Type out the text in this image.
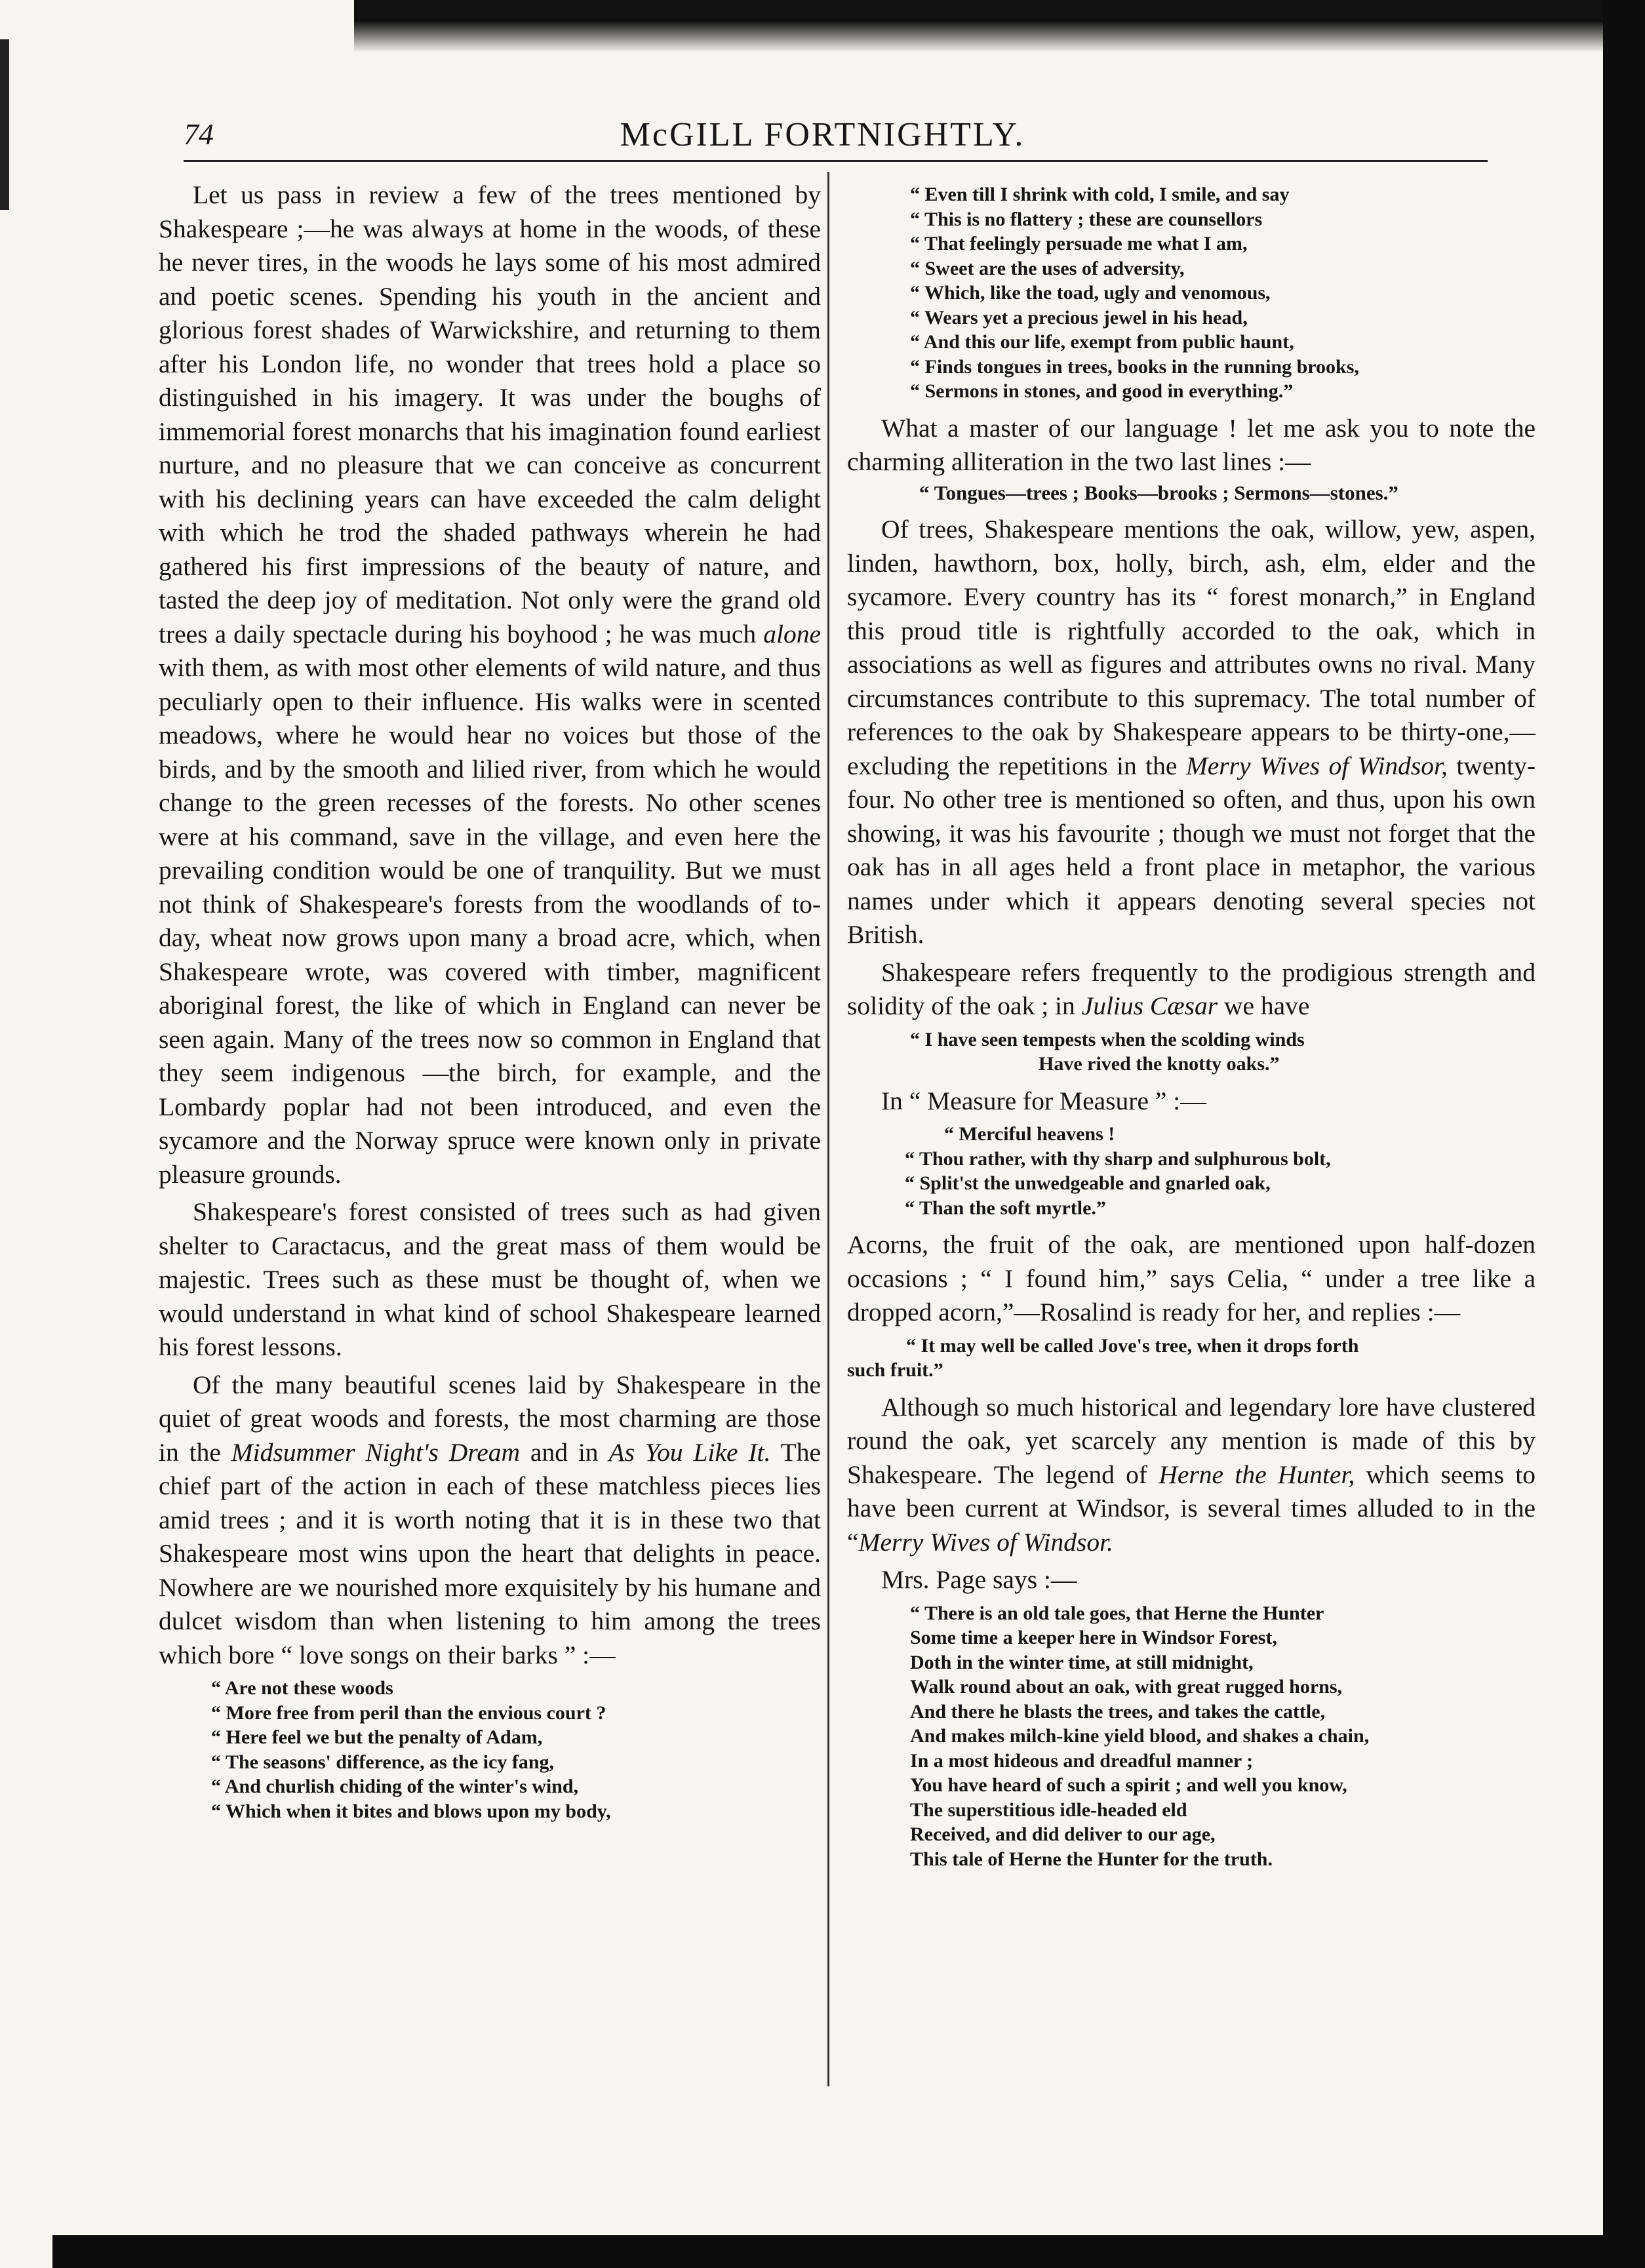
74	McGILL FORTNIGHTLY.

Let us pass in review a few of the trees mentioned by Shakespeare ;—he was always at home in the woods, of these he never tires, in the woods he lays some of his most admired and poetic scenes. Spending his youth in the ancient and glorious forest shades of Warwickshire, and returning to them after his London life, no wonder that trees hold a place so distinguished in his imagery. It was under the boughs of immemorial forest monarchs that his imagination found earliest nurture, and no pleasure that we can conceive as concurrent with his declining years can have exceeded the calm delight with which he trod the shaded pathways wherein he had gathered his first impressions of the beauty of nature, and tasted the deep joy of meditation. Not only were the grand old trees a daily spectacle during his boyhood ; he was much alone with them, as with most other elements of wild nature, and thus peculiarly open to their influence. His walks were in scented meadows, where he would hear no voices but those of the birds, and by the smooth and lilied river, from which he would change to the green recesses of the forests. No other scenes were at his command, save in the village, and even here the prevailing condition would be one of tranquility. But we must not think of Shakespeare's forests from the woodlands of to-day, wheat now grows upon many a broad acre, which, when Shakespeare wrote, was covered with timber, magnificent aboriginal forest, the like of which in England can never be seen again. Many of the trees now so common in England that they seem indigenous —the birch, for example, and the Lombardy poplar had not been introduced, and even the sycamore and the Norway spruce were known only in private pleasure grounds.

Shakespeare's forest consisted of trees such as had given shelter to Caractacus, and the great mass of them would be majestic. Trees such as these must be thought of, when we would understand in what kind of school Shakespeare learned his forest lessons.

Of the many beautiful scenes laid by Shakespeare in the quiet of great woods and forests, the most charming are those in the Midsummer Night's Dream and in As You Like It. The chief part of the action in each of these matchless pieces lies amid trees ; and it is worth noting that it is in these two that Shakespeare most wins upon the heart that delights in peace. Nowhere are we nourished more exquisitely by his humane and dulcet wisdom than when listening to him among the trees which bore “ love songs on their barks ” :—

“ Are not these woods
“ More free from peril than the envious court ?
“ Here feel we but the penalty of Adam,
“ The seasons' difference, as the icy fang,
“ And churlish chiding of the winter's wind,
“ Which when it bites and blows upon my body,
“ Even till I shrink with cold, I smile, and say
“ This is no flattery ; these are counsellors
“ That feelingly persuade me what I am,
“ Sweet are the uses of adversity,
“ Which, like the toad, ugly and venomous,
“ Wears yet a precious jewel in his head,
“ And this our life, exempt from public haunt,
“ Finds tongues in trees, books in the running brooks,
“ Sermons in stones, and good in everything.”

What a master of our language ! let me ask you to note the charming alliteration in the two last lines :—

“ Tongues—trees ; Books—brooks ; Sermons—stones.”

Of trees, Shakespeare mentions the oak, willow, yew, aspen, linden, hawthorn, box, holly, birch, ash, elm, elder and the sycamore. Every country has its “ forest monarch,” in England this proud title is rightfully accorded to the oak, which in associations as well as figures and attributes owns no rival. Many circumstances contribute to this supremacy. The total number of references to the oak by Shakespeare appears to be thirty-one,—excluding the repetitions in the Merry Wives of Windsor, twenty-four. No other tree is mentioned so often, and thus, upon his own showing, it was his favourite ; though we must not forget that the oak has in all ages held a front place in metaphor, the various names under which it appears denoting several species not British.

Shakespeare refers frequently to the prodigious strength and solidity of the oak ; in Julius Cæsar we have

“ I have seen tempests when the scolding winds
Have rived the knotty oaks.”

In “ Measure for Measure ” :—

“ Merciful heavens !
“ Thou rather, with thy sharp and sulphurous bolt,
“ Split'st the unwedgeable and gnarled oak,
“ Than the soft myrtle.”

Acorns, the fruit of the oak, are mentioned upon half-dozen occasions ; “ I found him,” says Celia, “ under a tree like a dropped acorn,”—Rosalind is ready for her, and replies :—

“ It may well be called Jove's tree, when it drops forth
such fruit.”

Although so much historical and legendary lore have clustered round the oak, yet scarcely any mention is made of this by Shakespeare. The legend of Herne the Hunter, which seems to have been current at Windsor, is several times alluded to in the “Merry Wives of Windsor.

Mrs. Page says :—

“ There is an old tale goes, that Herne the Hunter
Some time a keeper here in Windsor Forest,
Doth in the winter time, at still midnight,
Walk round about an oak, with great rugged horns,
And there he blasts the trees, and takes the cattle,
And makes milch-kine yield blood, and shakes a chain,
In a most hideous and dreadful manner ;
You have heard of such a spirit ; and well you know,
The superstitious idle-headed eld
Received, and did deliver to our age,
This tale of Herne the Hunter for the truth.
